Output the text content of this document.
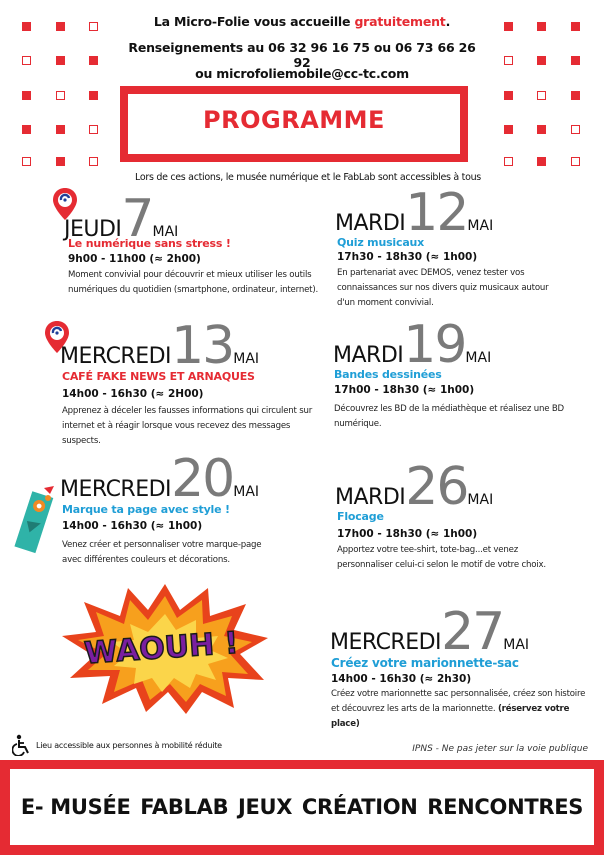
La Micro-Folie vous accueille gratuitement.
Renseignements au 06 32 96 16 75 ou 06 73 66 26 92
ou microfoliemobile@cc-tc.com
PROGRAMME
Lors de ces actions, le musée numérique et le FabLab sont accessibles à tous
JEUDI7MAI
Le numérique sans stress !
9h00 - 11h00 (≈ 2h00)
Moment convivial pour découvrir et mieux utiliser les outils numériques du quotidien (smartphone, ordinateur, internet).
MARDI12MAI
Quiz musicaux
17h30 - 18h30 (≈ 1h00)
En partenariat avec DEMOS, venez tester vos connaissances sur nos divers quiz musicaux autour d'un moment convivial.
MERCREDI13MAI
CAFÉ FAKE NEWS ET ARNAQUES
14h00 - 16h30 (≈ 2H00)
Apprenez à déceler les fausses informations qui circulent sur internet et à réagir lorsque vous recevez des messages suspects.
MARDI19MAI
Bandes dessinées
17h00 - 18h30 (≈ 1h00)
Découvrez les BD de la médiathèque et réalisez une BD numérique.
MERCREDI20MAI
Marque ta page avec style !
14h00 - 16h30 (≈ 1h00)
Venez créer et personnaliser votre marque-page avec différentes couleurs et décorations.
MARDI26MAI
Flocage
17h00 - 18h30 (≈ 1h00)
Apportez votre tee-shirt, tote-bag...et venez personnaliser celui-ci selon le motif de votre choix.
WAOUH !	MERCREDI27MAI
Créez votre marionnette-sac
14h00 - 16h30 (≈ 2h30)
Créez votre marionnette sac personnalisée, créez son histoire et découvrez les arts de la marionnette. (réservez votre place)
Lieu accessible aux personnes à mobilité réduite	IPNS - Ne pas jeter sur la voie publique
E- MUSÉE FABLAB JEUX CRÉATION RENCONTRES
